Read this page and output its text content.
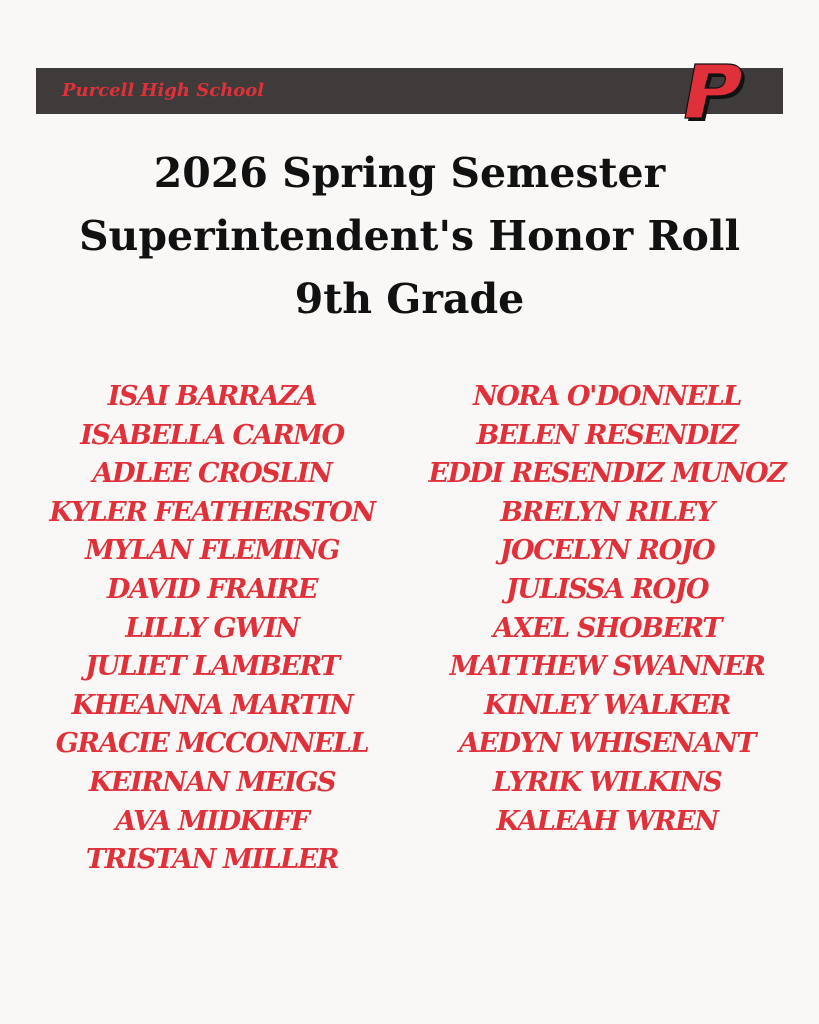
Purcell High School
2026 Spring Semester
Superintendent's Honor Roll
9th Grade
ISAI BARRAZA
ISABELLA CARMO
ADLEE CROSLIN
KYLER FEATHERSTON
MYLAN FLEMING
DAVID FRAIRE
LILLY GWIN
JULIET LAMBERT
KHEANNA MARTIN
GRACIE MCCONNELL
KEIRNAN MEIGS
AVA MIDKIFF
TRISTAN MILLER
NORA O'DONNELL
BELEN RESENDIZ
EDDI RESENDIZ MUNOZ
BRELYN RILEY
JOCELYN ROJO
JULISSA ROJO
AXEL SHOBERT
MATTHEW SWANNER
KINLEY WALKER
AEDYN WHISENANT
LYRIK WILKINS
KALEAH WREN
